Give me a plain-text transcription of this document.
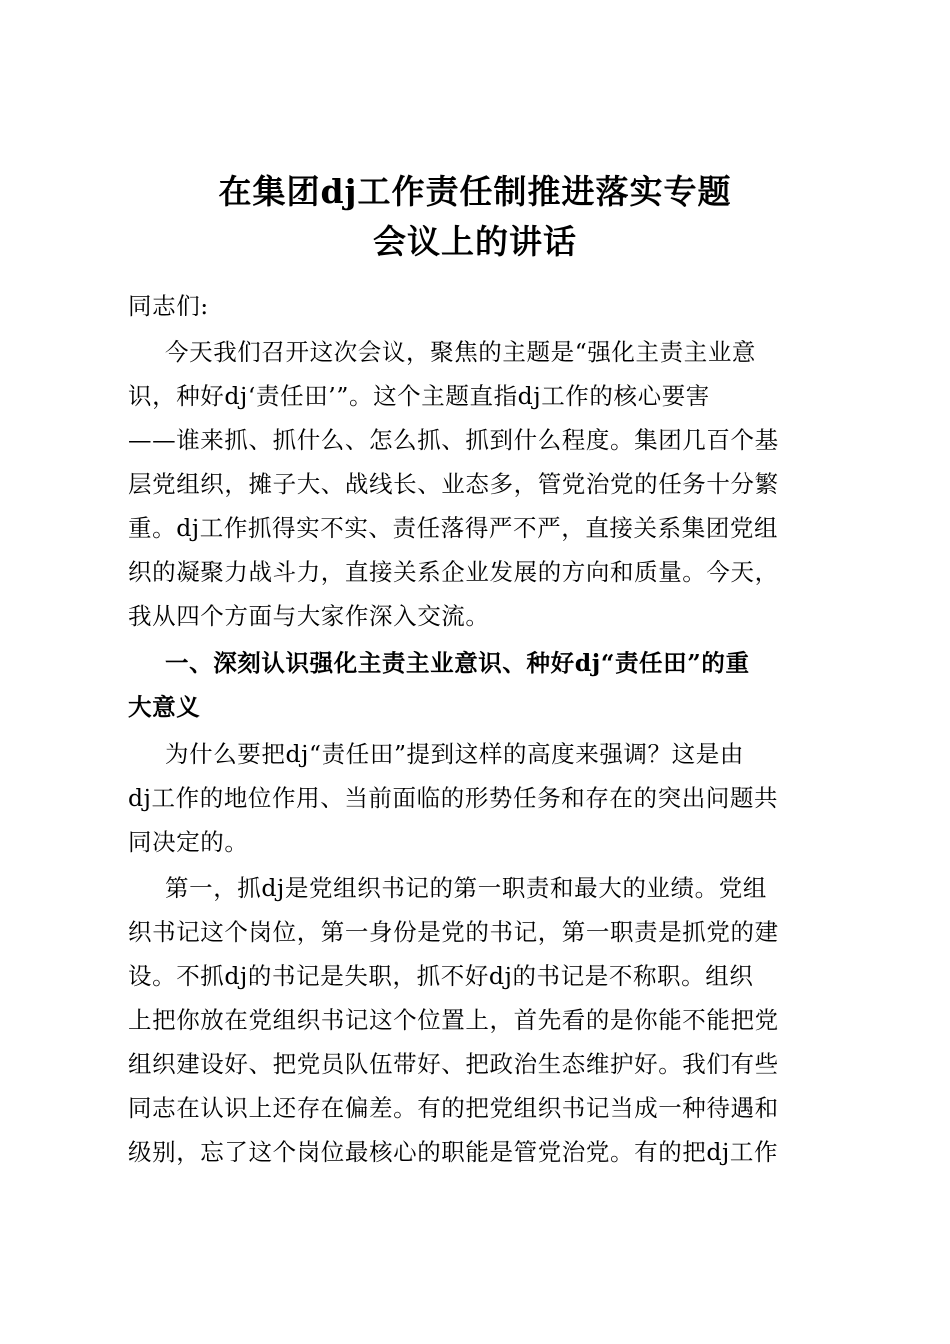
在集团dj工作责任制推进落实专题
会议上的讲话
同志们:
今天我们召开这次会议，聚焦的主题是“强化主责主业意
识，种好dj‘责任田’”。这个主题直指dj工作的核心要害
——谁来抓、抓什么、怎么抓、抓到什么程度。集团几百个基
层党组织，摊子大、战线长、业态多，管党治党的任务十分繁
重。dj工作抓得实不实、责任落得严不严，直接关系集团党组
织的凝聚力战斗力，直接关系企业发展的方向和质量。今天，
我从四个方面与大家作深入交流。
一、深刻认识强化主责主业意识、种好dj“责任田”的重
大意义
为什么要把dj“责任田”提到这样的高度来强调？这是由
dj工作的地位作用、当前面临的形势任务和存在的突出问题共
同决定的。
第一，抓dj是党组织书记的第一职责和最大的业绩。党组
织书记这个岗位，第一身份是党的书记，第一职责是抓党的建
设。不抓dj的书记是失职，抓不好dj的书记是不称职。组织
上把你放在党组织书记这个位置上，首先看的是你能不能把党
组织建设好、把党员队伍带好、把政治生态维护好。我们有些
同志在认识上还存在偏差。有的把党组织书记当成一种待遇和
级别，忘了这个岗位最核心的职能是管党治党。有的把dj工作
